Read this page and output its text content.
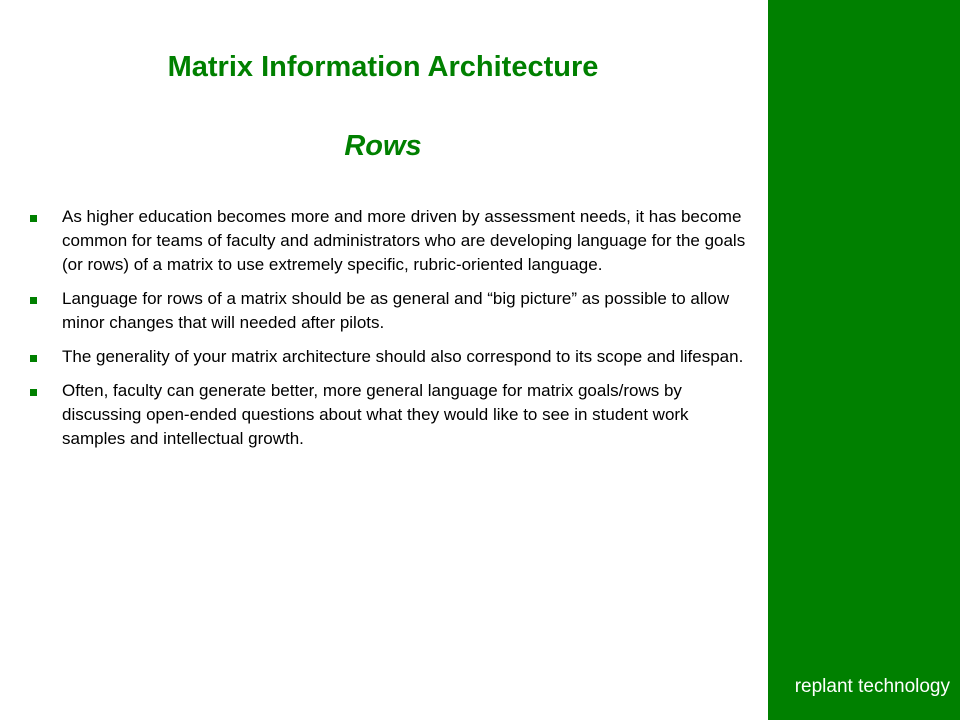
Matrix Information Architecture
Rows
As higher education becomes more and more driven by assessment needs, it has become common for teams of faculty and administrators who are developing language for the goals (or rows) of a matrix to use extremely specific, rubric-oriented language.
Language for rows of a matrix should be as general and “big picture” as possible to allow minor changes that will needed after pilots.
The generality of your matrix architecture should also correspond to its scope and lifespan.
Often, faculty can generate better, more general language for matrix goals/rows by discussing open-ended questions about what they would like to see in student work samples and intellectual growth.
replant technology
